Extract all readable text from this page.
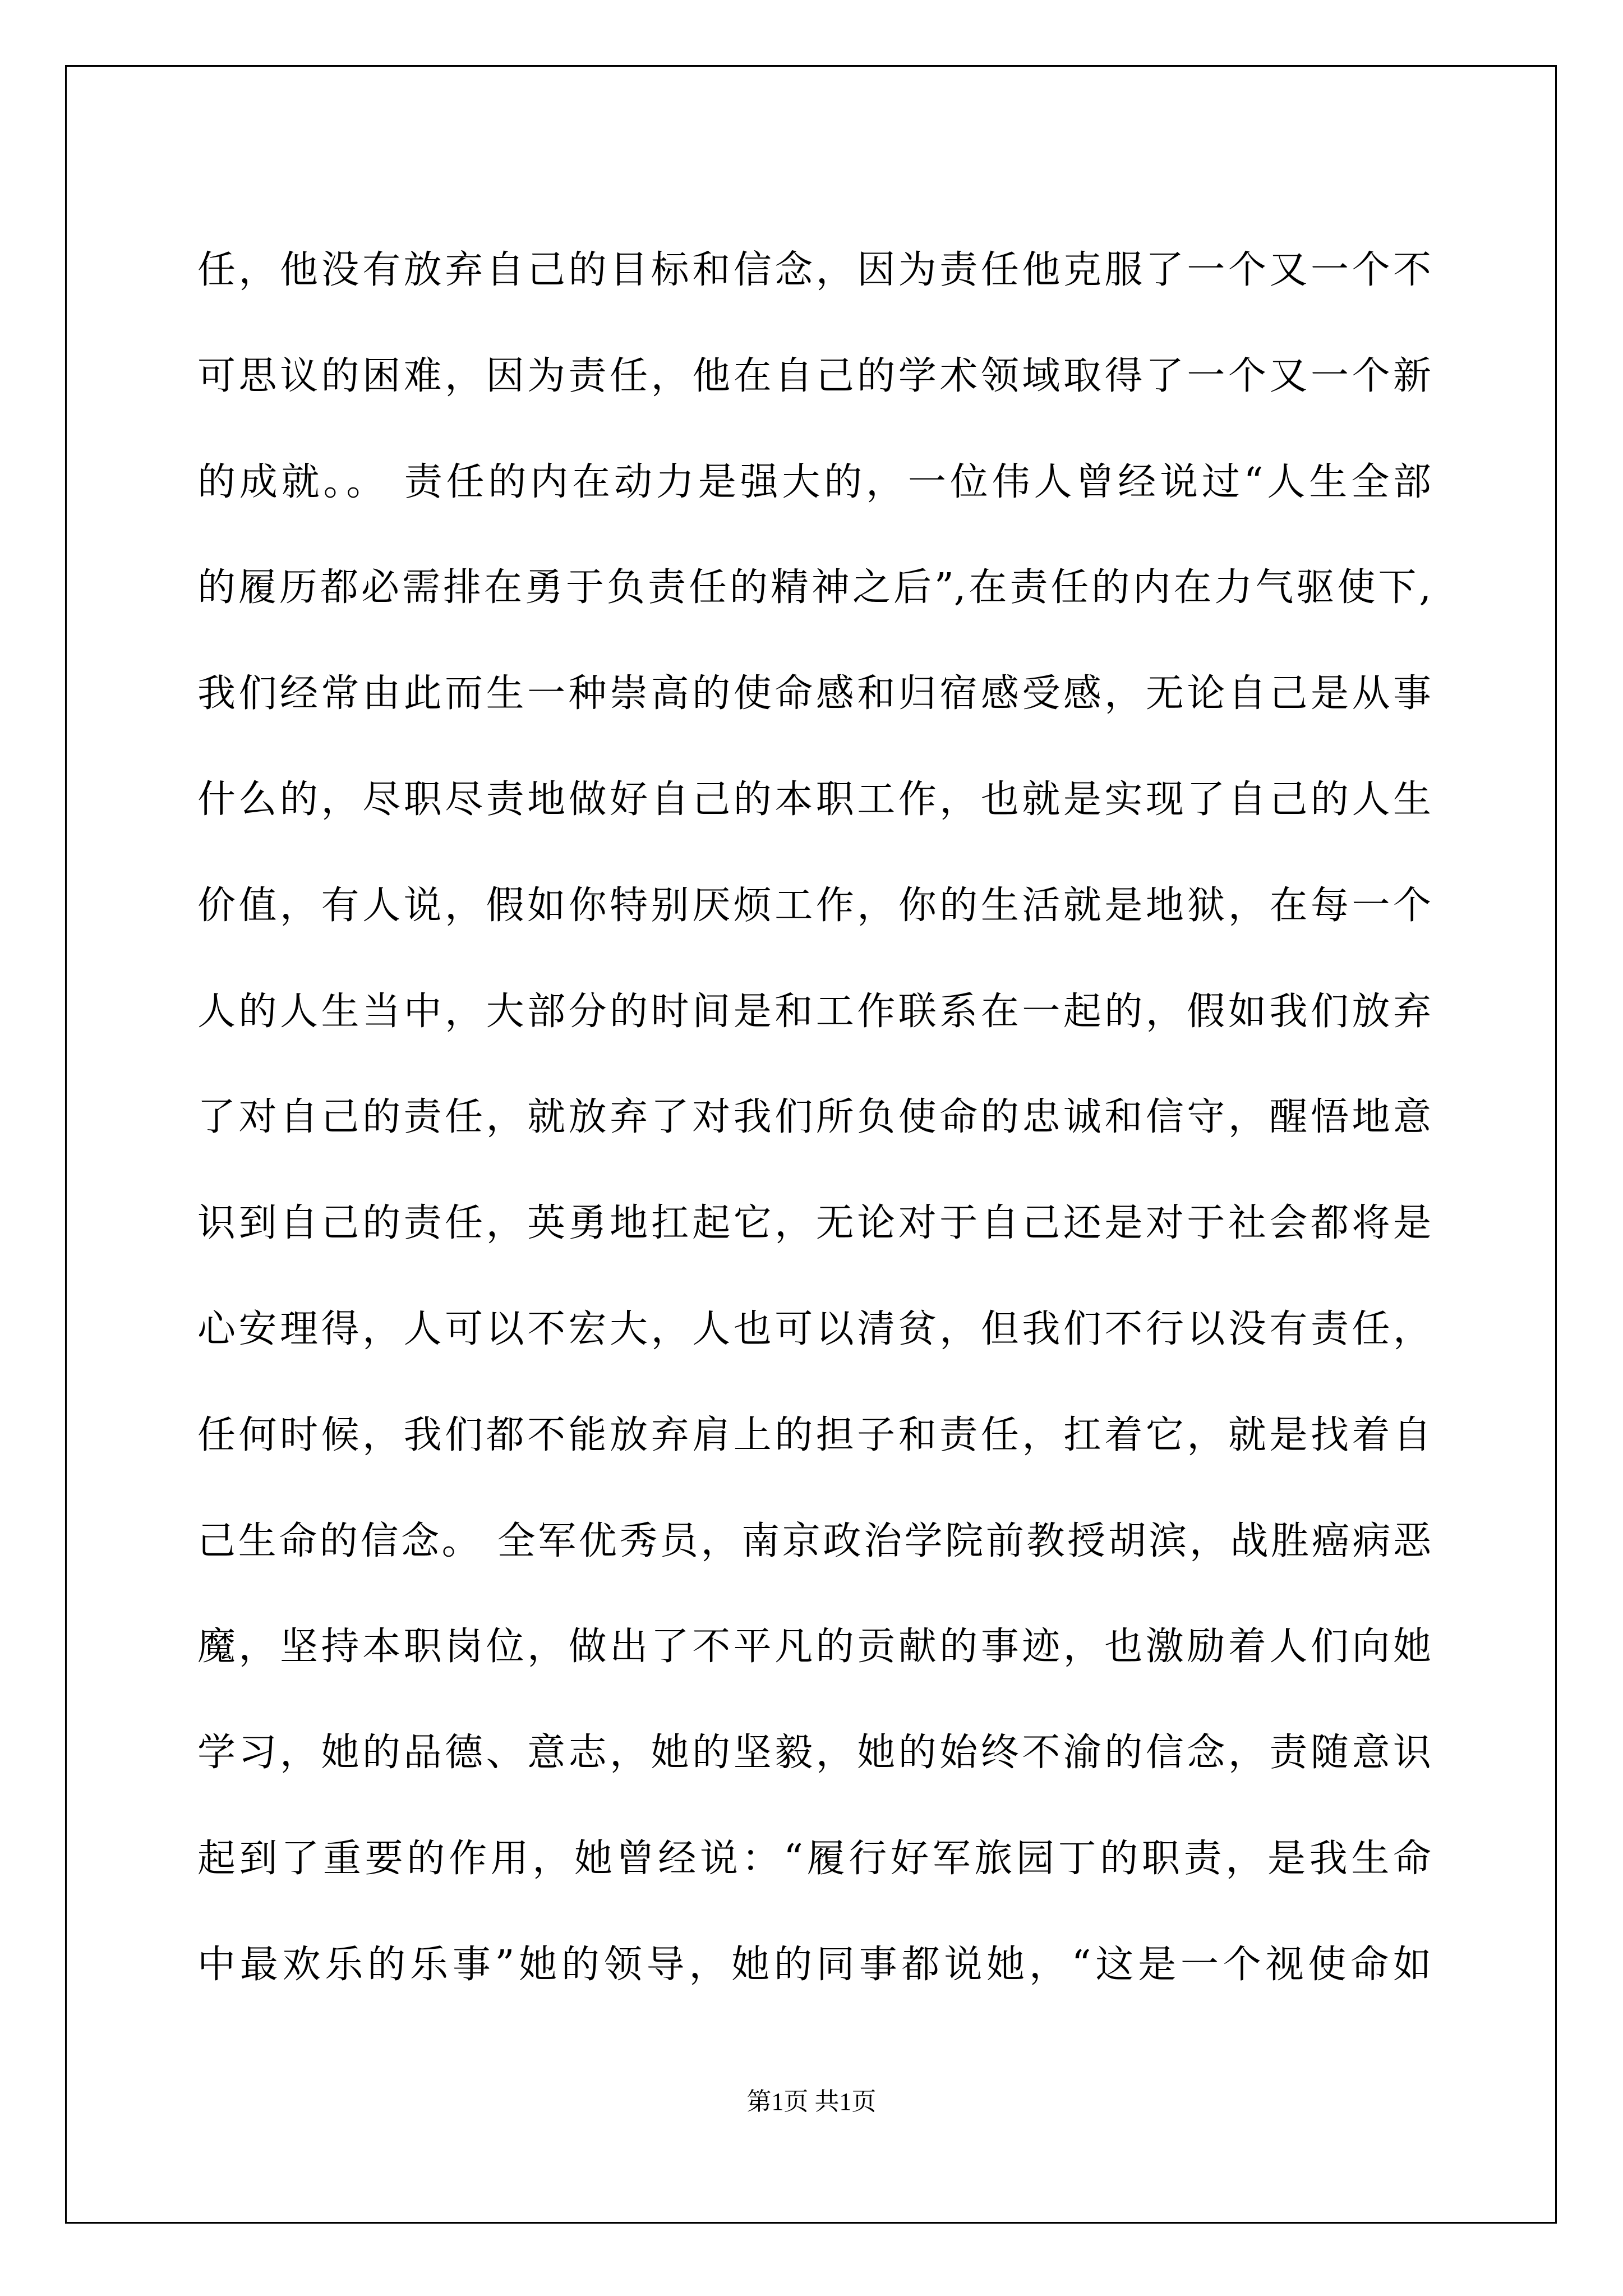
任，他没有放弃自己的目标和信念，因为责任他克服了一个又一个不
可思议的困难，因为责任，他在自己的学术领域取得了一个又一个新
的成就。。 责任的内在动力是强大的，一位伟人曾经说过“人生全部
的履历都必需排在勇于负责任的精神之后”,在责任的内在力气驱使下,
我们经常由此而生一种崇高的使命感和归宿感受感，无论自己是从事
什么的，尽职尽责地做好自己的本职工作，也就是实现了自己的人生
价值，有人说，假如你特别厌烦工作，你的生活就是地狱，在每一个
人的人生当中，大部分的时间是和工作联系在一起的，假如我们放弃
了对自己的责任，就放弃了对我们所负使命的忠诚和信守，醒悟地意
识到自己的责任，英勇地扛起它，无论对于自己还是对于社会都将是
心安理得，人可以不宏大，人也可以清贫，但我们不行以没有责任，
任何时候，我们都不能放弃肩上的担子和责任，扛着它，就是找着自
己生命的信念。 全军优秀员，南京政治学院前教授胡滨，战胜癌病恶
魔，坚持本职岗位，做出了不平凡的贡献的事迹，也激励着人们向她
学习，她的品德、意志，她的坚毅，她的始终不渝的信念，责随意识
起到了重要的作用，她曾经说：“履行好军旅园丁的职责，是我生命
中最欢乐的乐事”她的领导，她的同事都说她，“这是一个视使命如
第1页 共1页
